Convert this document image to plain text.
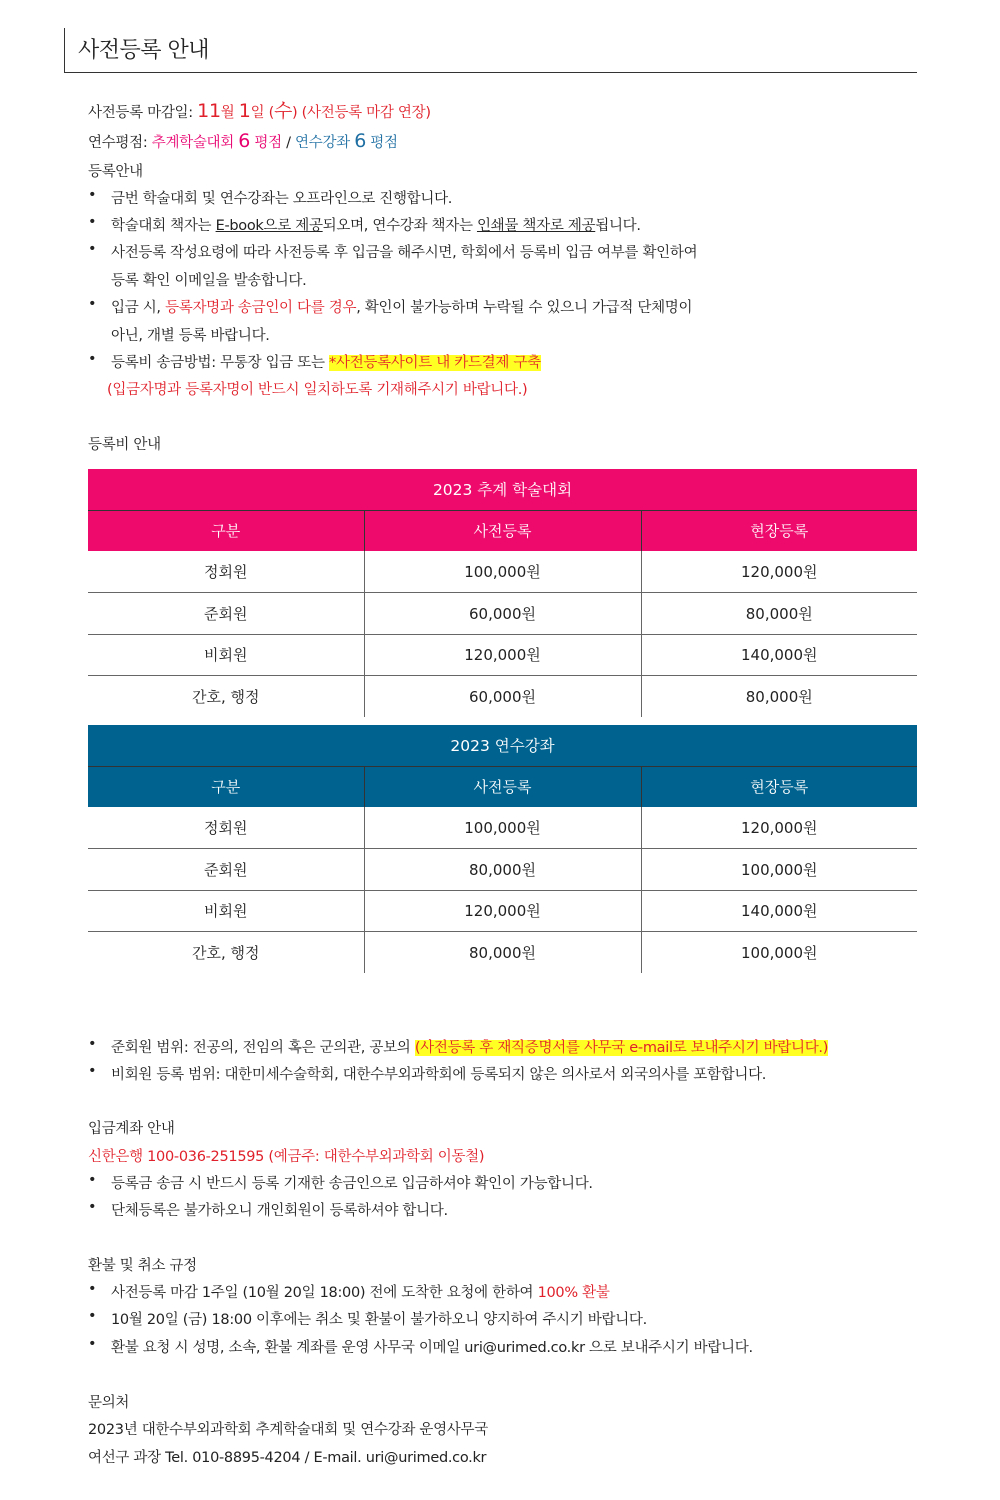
사전등록 안내
사전등록 마감일: 11월 1일 (수) (사전등록 마감 연장)
연수평점: 추계학술대회 6 평점 / 연수강좌 6 평점
등록안내
• 금번 학술대회 및 연수강좌는 오프라인으로 진행합니다.
• 학술대회 책자는 E-book으로 제공되오며, 연수강좌 책자는 인쇄물 책자로 제공됩니다.
• 사전등록 작성요령에 따라 사전등록 후 입금을 해주시면, 학회에서 등록비 입금 여부를 확인하여
등록 확인 이메일을 발송합니다.
• 입금 시, 등록자명과 송금인이 다를 경우, 확인이 불가능하며 누락될 수 있으니 가급적 단체명이
아닌, 개별 등록 바랍니다.
• 등록비 송금방법: 무통장 입금 또는 *사전등록사이트 내 카드결제 구축
(입금자명과 등록자명이 반드시 일치하도록 기재해주시기 바랍니다.)
등록비 안내
2023 추계 학술대회		
구분	사전등록	현장등록
정회원	100,000원	120,000원
준회원	60,000원	80,000원
비회원	120,000원	140,000원
간호, 행정	60,000원	80,000원
2023 연수강좌		
구분	사전등록	현장등록
정회원	100,000원	120,000원
준회원	80,000원	100,000원
비회원	120,000원	140,000원
간호, 행정	80,000원	100,000원
• 준회원 범위: 전공의, 전임의 혹은 군의관, 공보의 (사전등록 후 재직증명서를 사무국 e-mail로 보내주시기 바랍니다.)
• 비회원 등록 범위: 대한미세수술학회, 대한수부외과학회에 등록되지 않은 의사로서 외국의사를 포함합니다.
입금계좌 안내
신한은행 100-036-251595 (예금주: 대한수부외과학회 이동철)
• 등록금 송금 시 반드시 등록 기재한 송금인으로 입금하셔야 확인이 가능합니다.
• 단체등록은 불가하오니 개인회원이 등록하셔야 합니다.
환불 및 취소 규정
• 사전등록 마감 1주일 (10월 20일 18:00) 전에 도착한 요청에 한하여 100% 환불
• 10월 20일 (금) 18:00 이후에는 취소 및 환불이 불가하오니 양지하여 주시기 바랍니다.
• 환불 요청 시 성명, 소속, 환불 계좌를 운영 사무국 이메일 uri@urimed.co.kr 으로 보내주시기 바랍니다.
문의처
2023년 대한수부외과학회 추계학술대회 및 연수강좌 운영사무국
여선구 과장 Tel. 010-8895-4204 / E-mail. uri@urimed.co.kr
